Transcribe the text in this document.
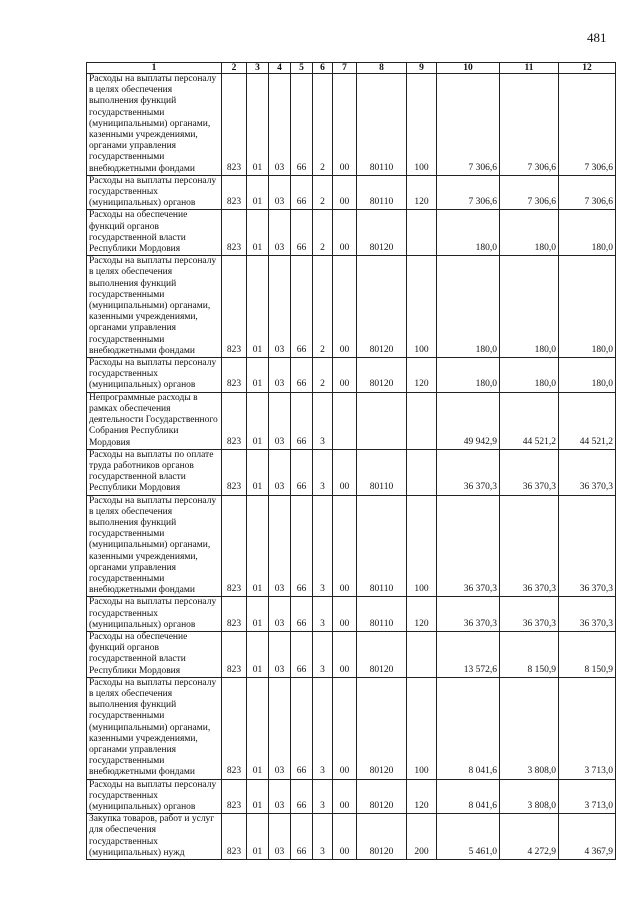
481
1	2	3	4	5	6	7	8	9	10	11	12
Расходы на выплаты персоналу в целях обеспечения выполнения функций государственными (муниципальными) органами, казенными учреждениями, органами управления государственными внебюджетными фондами	823	01	03	66	2	00	80110	100	7 306,6	7 306,6	7 306,6
Расходы на выплаты персоналу государственных (муниципальных) органов	823	01	03	66	2	00	80110	120	7 306,6	7 306,6	7 306,6
Расходы на обеспечение функций органов государственной власти Республики Мордовия	823	01	03	66	2	00	80120		180,0	180,0	180,0
Расходы на выплаты персоналу в целях обеспечения выполнения функций государственными (муниципальными) органами, казенными учреждениями, органами управления государственными внебюджетными фондами	823	01	03	66	2	00	80120	100	180,0	180,0	180,0
Расходы на выплаты персоналу государственных (муниципальных) органов	823	01	03	66	2	00	80120	120	180,0	180,0	180,0
Непрограммные расходы в рамках обеспечения деятельности Государственного Собрания Республики Мордовия	823	01	03	66	3				49 942,9	44 521,2	44 521,2
Расходы на выплаты по оплате труда работников органов государственной власти Республики Мордовия	823	01	03	66	3	00	80110		36 370,3	36 370,3	36 370,3
Расходы на выплаты персоналу в целях обеспечения выполнения функций государственными (муниципальными) органами, казенными учреждениями, органами управления государственными внебюджетными фондами	823	01	03	66	3	00	80110	100	36 370,3	36 370,3	36 370,3
Расходы на выплаты персоналу государственных (муниципальных) органов	823	01	03	66	3	00	80110	120	36 370,3	36 370,3	36 370,3
Расходы на обеспечение функций органов государственной власти Республики Мордовия	823	01	03	66	3	00	80120		13 572,6	8 150,9	8 150,9
Расходы на выплаты персоналу в целях обеспечения выполнения функций государственными (муниципальными) органами, казенными учреждениями, органами управления государственными внебюджетными фондами	823	01	03	66	3	00	80120	100	8 041,6	3 808,0	3 713,0
Расходы на выплаты персоналу государственных (муниципальных) органов	823	01	03	66	3	00	80120	120	8 041,6	3 808,0	3 713,0
Закупка товаров, работ и услуг для обеспечения государственных (муниципальных) нужд	823	01	03	66	3	00	80120	200	5 461,0	4 272,9	4 367,9
